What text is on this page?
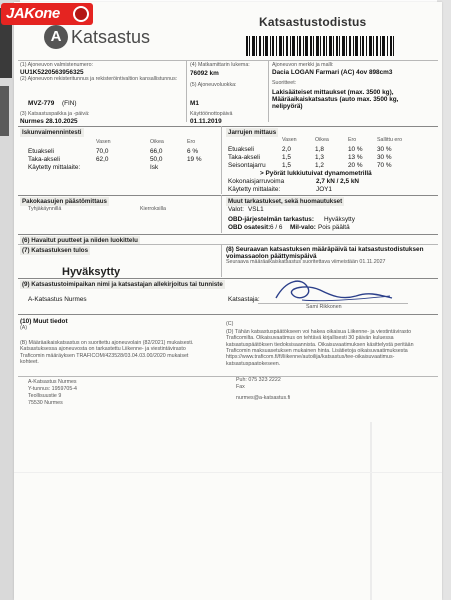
A Katsastus
Katsastustodistus
(1) Ajoneuvon valmistenumero:
UU1K5220563956325
(2) Ajoneuvon rekisteritunnus ja rekisteröintivaltion kansallistunnus:
MVZ-779 (FIN)
(3) Katsastuspaikka ja -päivä:
Nurmes 28.10.2025
(4) Matkamittarin lukema:
76092 km
(5) Ajoneuvoluokka:
M1
Käyttöönottopäivä
01.11.2019
Ajoneuvon merkki ja malli:
Dacia LOGAN Farmari (AC) 4ov 898cm3
Suoritteet:
Lakisääteiset mittaukset (max. 3500 kg),
Määräaikaiskatsastus (auto max. 3500 kg,
nelipyörä)
Iskunvaimennintesti
Vasen	Oikea	Ero
Etuakseli	70,0	66,0	6 %
Taka-akseli	62,0	50,0	19 %
Käytetty mittalaite:	Isk
Jarrujen mittaus
Vasen	Oikea	Ero	Sallittu ero
Etuakseli	2,0	1,8	10 % 30 %
Taka-akseli	1,5	1,3	13 % 30 %
Seisontajarru	1,5	1,2	20 % 70 %
> Pyörät lukkiutuivat dynamometrillä
Kokonaisjarruvoima	2,7 kN / 2,5 kN
Käytetty mittalaite:	JOY1
Pakokaasujen päästömittaus
Tyhjäkäynnillä	Kierroksilla
Muut tarkastukset, sekä huomautukset
Valot: VSL1
OBD-järjestelmän tarkastus: Hyväksytty
OBD osatesit: 6 / 6 Mil-valo: Pois päältä
(6) Havaitut puutteet ja niiden luokittelu
(7) Katsastuksen tulos
Hyväksytty
(8) Seuraavan katsastuksen määräpäivä tai katsastustodistuksen voimassaolon päättymispäivä
Seuraava määräaikaiskatsastus suoritettava viimeistään 01.11.2027
(9) Katsastustoimipaikan nimi ja katsastajan allekirjoitus tai tunniste
A-Katsastus Nurmes	Katsastaja:
Sami Rikkonen
(10) Muut tiedot
(A)
(B) Määräaikaiskatsastus on suoritettu ajoneuvolain (82/2021) mukaisesti. Katsastuksessa ajoneuvosta on tarkastettu Liikenne- ja viestintävirasto Traficomin määräyksen TRAFICOM/423528/03.04.03.00/2020 mukaiset kohteet.
(C)
(D) Tähän katsastuspäätökseen voi hakea oikaisua Liikenne- ja viestintävirasto Traficomilta. Oikaisuvaatimus on tehtävä kirjallisesti 30 päivän kuluessa katsastuspäätöksen tiedoksisaannista. Oikaisuvaatimuksen käsittelystä peritään Traficomin maksuasetuksen mukainen hinta. Lisätietoja oikaisuvaatimuksesta https://www.traficom.fi/fi/liikenne/autoilija/katsastus/tee-oikaisuvaatimus-katsastuspaatokeseen.
A-Katsastus Nurmes
Y-tunnus: 1959705-4
Teollisuustie 9
75530 Nurmes
Puh: 075 323 2222
Fax
nurmes@a-katsastus.fi
JAKone
